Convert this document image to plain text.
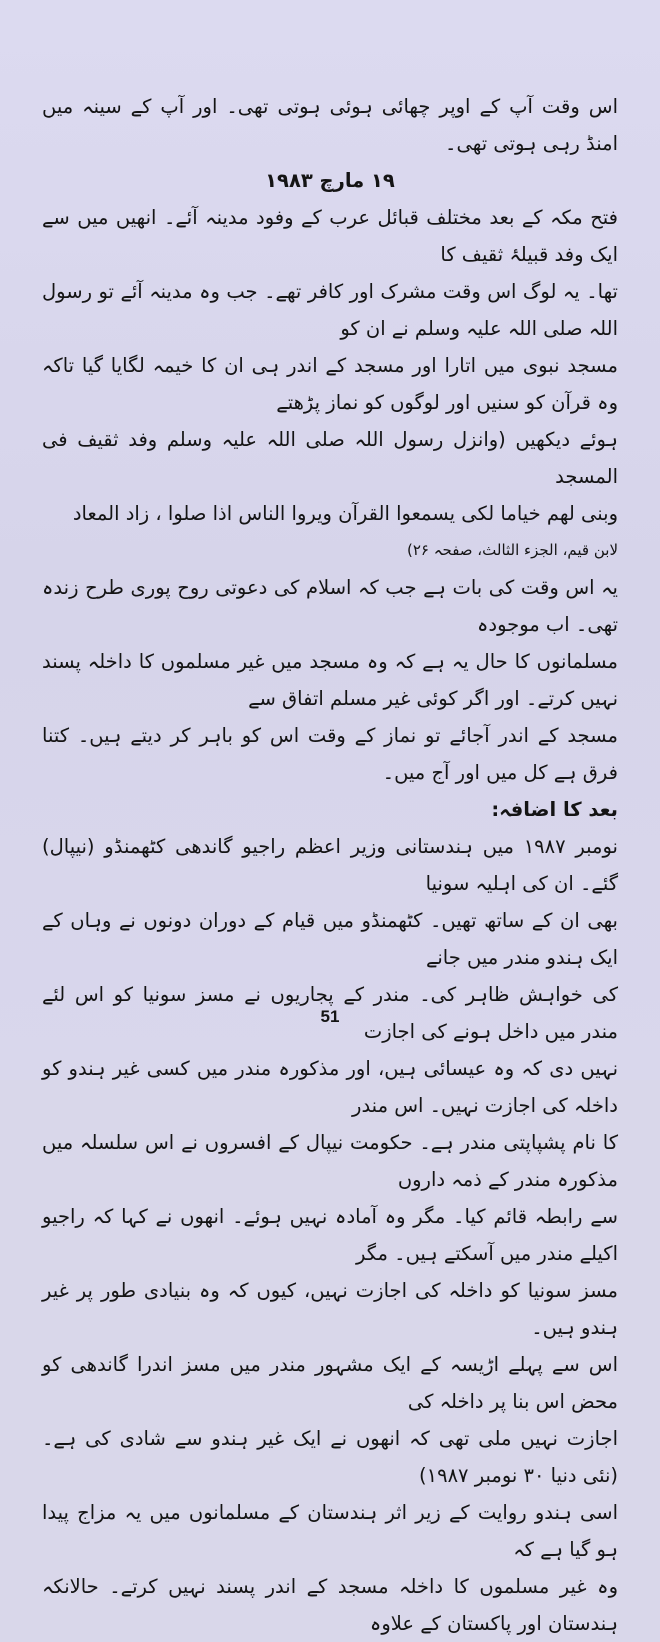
اس وقت آپ کے اوپر چھائی ہوئی ہوتی تھی۔ اور آپ کے سینہ میں امنڈ رہی ہوتی تھی۔

۱۹ مارچ ۱۹۸۳

فتح مکہ کے بعد مختلف قبائل عرب کے وفود مدینہ آئے۔ انھیں میں سے ایک وفد قبیلۂ ثقیف کا

تھا۔ یہ لوگ اس وقت مشرک اور کافر تھے۔ جب وہ مدینہ آئے تو رسول اللہ صلی اللہ علیہ وسلم نے ان کو

مسجد نبوی میں اتارا اور مسجد کے اندر ہی ان کا خیمہ لگایا گیا تاکہ وہ قرآن کو سنیں اور لوگوں کو نماز پڑھتے

ہوئے دیکھیں (وانزل رسول اللہ صلی اللہ علیہ وسلم وفد ثقیف فی المسجد

وبنی لهم خیاما لکی یسمعوا القرآن ویروا الناس اذا صلوا ، زاد المعاد

لابن قیم، الجزء الثالث، صفحہ ۲۶)

یہ اس وقت کی بات ہے جب کہ اسلام کی دعوتی روح پوری طرح زندہ تھی۔ اب موجودہ

مسلمانوں کا حال یہ ہے کہ وہ مسجد میں غیر مسلموں کا داخلہ پسند نہیں کرتے۔ اور اگر کوئی غیر مسلم اتفاق سے

مسجد کے اندر آجائے تو نماز کے وقت اس کو باہر کر دیتے ہیں۔ کتنا فرق ہے کل میں اور آج میں۔

بعد کا اضافہ:

نومبر ۱۹۸۷ میں ہندستانی وزیر اعظم راجیو گاندھی کٹھمنڈو (نیپال) گئے۔ ان کی اہلیہ سونیا

بھی ان کے ساتھ تھیں۔ کٹھمنڈو میں قیام کے دوران دونوں نے وہاں کے ایک ہندو مندر میں جانے

کی خواہش ظاہر کی۔ مندر کے پجاریوں نے مسز سونیا کو اس لئے مندر میں داخل ہونے کی اجازت

نہیں دی کہ وہ عیسائی ہیں، اور مذکورہ مندر میں کسی غیر ہندو کو داخلہ کی اجازت نہیں۔ اس مندر

کا نام پشپاپتی مندر ہے۔ حکومت نیپال کے افسروں نے اس سلسلہ میں مذکورہ مندر کے ذمہ داروں

سے رابطہ قائم کیا۔ مگر وہ آمادہ نہیں ہوئے۔ انھوں نے کہا کہ راجیو اکیلے مندر میں آسکتے ہیں۔ مگر

مسز سونیا کو داخلہ کی اجازت نہیں، کیوں کہ وہ بنیادی طور پر غیر ہندو ہیں۔

اس سے پہلے اڑیسہ کے ایک مشہور مندر میں مسز اندرا گاندھی کو محض اس بنا پر داخلہ کی

اجازت نہیں ملی تھی کہ انھوں نے ایک غیر ہندو سے شادی کی ہے۔ (نئی دنیا ۳۰ نومبر ۱۹۸۷)

اسی ہندو روایت کے زیر اثر ہندستان کے مسلمانوں میں یہ مزاج پیدا ہو گیا ہے کہ

وہ غیر مسلموں کا داخلہ مسجد کے اندر پسند نہیں کرتے۔ حالانکہ ہندستان اور پاکستان کے علاوہ

51
